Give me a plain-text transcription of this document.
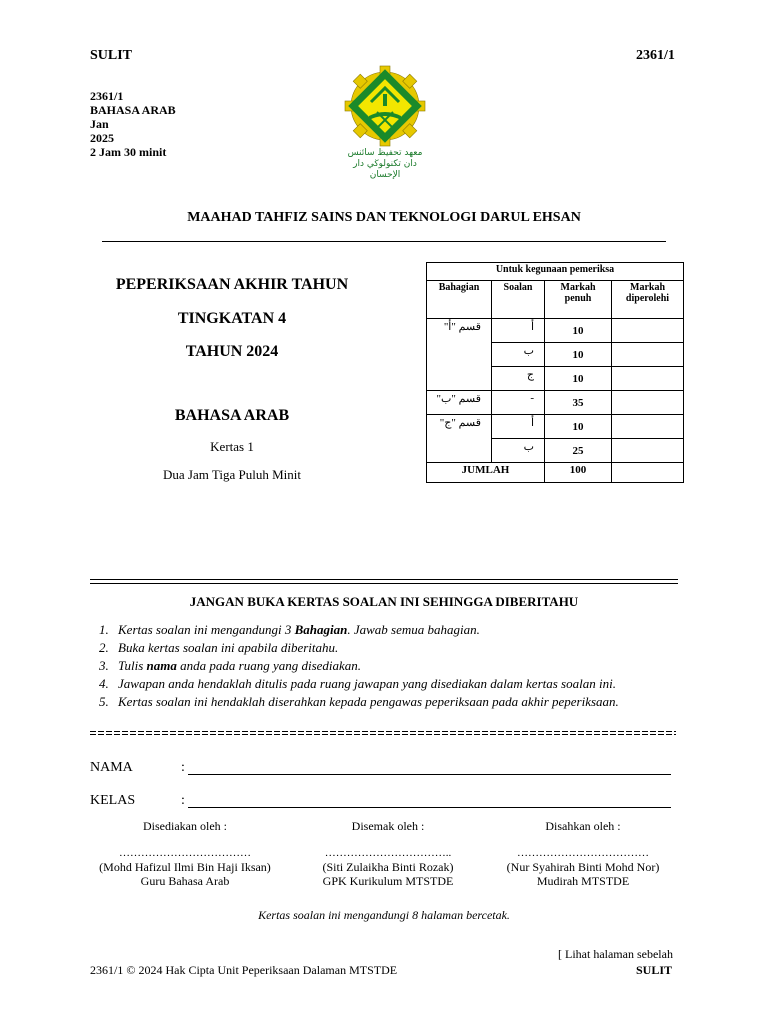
SULIT	2361/1
2361/1
BAHASA ARAB
Jan
2025
2 Jam 30 minit	معهد تحفيظ سائنس
دان تكنولوڬي دار الإحسان
MAAHAD TAHFIZ SAINS DAN TEKNOLOGI DARUL EHSAN
PEPERIKSAAN AKHIR TAHUN
TINGKATAN 4
TAHUN 2024
BAHASA ARAB
Kertas 1
Dua Jam Tiga Puluh Minit
Untuk kegunaan pemeriksa			
Bahagian	Soalan	Markah penuh	Markah diperolehi
قسم "أ"	أ	10	
	ب	10	
	ج	10	
قسم "ب"	-	35	
قسم "ج"	أ	10	
	ب	25	
JUMLAH		100	
JANGAN BUKA KERTAS SOALAN INI SEHINGGA DIBERITAHU
1. Kertas soalan ini mengandungi 3 Bahagian. Jawab semua bahagian.
2. Buka kertas soalan ini apabila diberitahu.
3. Tulis nama anda pada ruang yang disediakan.
4. Jawapan anda hendaklah ditulis pada ruang jawapan yang disediakan dalam kertas soalan ini.
5. Kertas soalan ini hendaklah diserahkan kepada pengawas peperiksaan pada akhir peperiksaan.
NAMA	:
KELAS	:
Disediakan oleh :
………………………………
(Mohd Hafizul Ilmi Bin Haji Iksan)
Guru Bahasa Arab
Disemak oleh :
……………………………..
(Siti Zulaikha Binti Rozak)
GPK Kurikulum MTSTDE
Disahkan oleh :
………………………………
(Nur Syahirah Binti Mohd Nor)
Mudirah MTSTDE
Kertas soalan ini mengandungi 8 halaman bercetak.
[ Lihat halaman sebelah
2361/1 © 2024 Hak Cipta Unit Peperiksaan Dalaman MTSTDE	SULIT
